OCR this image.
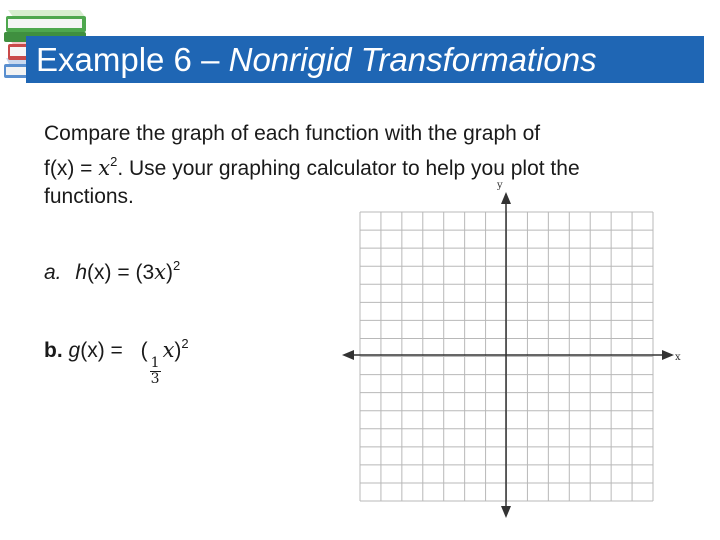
Example 6 – Nonrigid Transformations
Compare the graph of each function with the graph of
$f(x) = x^2$. Use your graphing calculator to help you plot the
functions.
a. $h(x) = (3x)^2$
b. g(x) = (
$\frac{1}{3}$
x)$^2$
x
y
